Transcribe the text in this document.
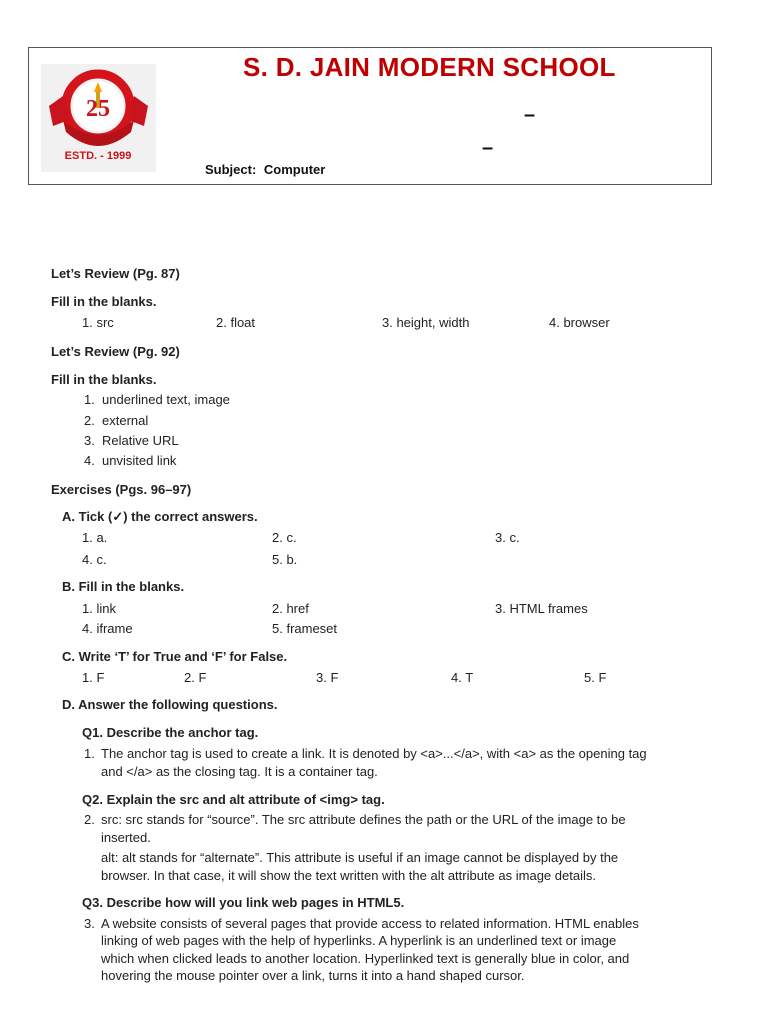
25
ESTD. - 1999
S. D. JAIN MODERN SCHOOL
–
–
Subject: Computer
Let’s Review (Pg. 87)
Fill in the blanks.
1. src	2. float	3. height, width	4. browser
Let’s Review (Pg. 92)
Fill in the blanks.
1. underlined text, image
2. external
3. Relative URL
4. unvisited link
Exercises (Pgs. 96–97)
A. Tick (✓) the correct answers.
1. a.	2. c.	3. c.
4. c.	5. b.
B. Fill in the blanks.
1. link	2. href	3. HTML frames
4. iframe	5. frameset
C. Write ‘T’ for True and ‘F’ for False.
1. F	2. F	3. F	4. T	5. F
D. Answer the following questions.
Q1. Describe the anchor tag.
1. The anchor tag is used to create a link. It is denoted by <a>...</a>, with <a> as the opening tag
and </a> as the closing tag. It is a container tag.
Q2. Explain the src and alt attribute of <img> tag.
2. src: src stands for “source”. The src attribute defines the path or the URL of the image to be
inserted.
alt: alt stands for “alternate”. This attribute is useful if an image cannot be displayed by the
browser. In that case, it will show the text written with the alt attribute as image details.
Q3. Describe how will you link web pages in HTML5.
3. A website consists of several pages that provide access to related information. HTML enables
linking of web pages with the help of hyperlinks. A hyperlink is an underlined text or image
which when clicked leads to another location. Hyperlinked text is generally blue in color, and
hovering the mouse pointer over a link, turns it into a hand shaped cursor.
